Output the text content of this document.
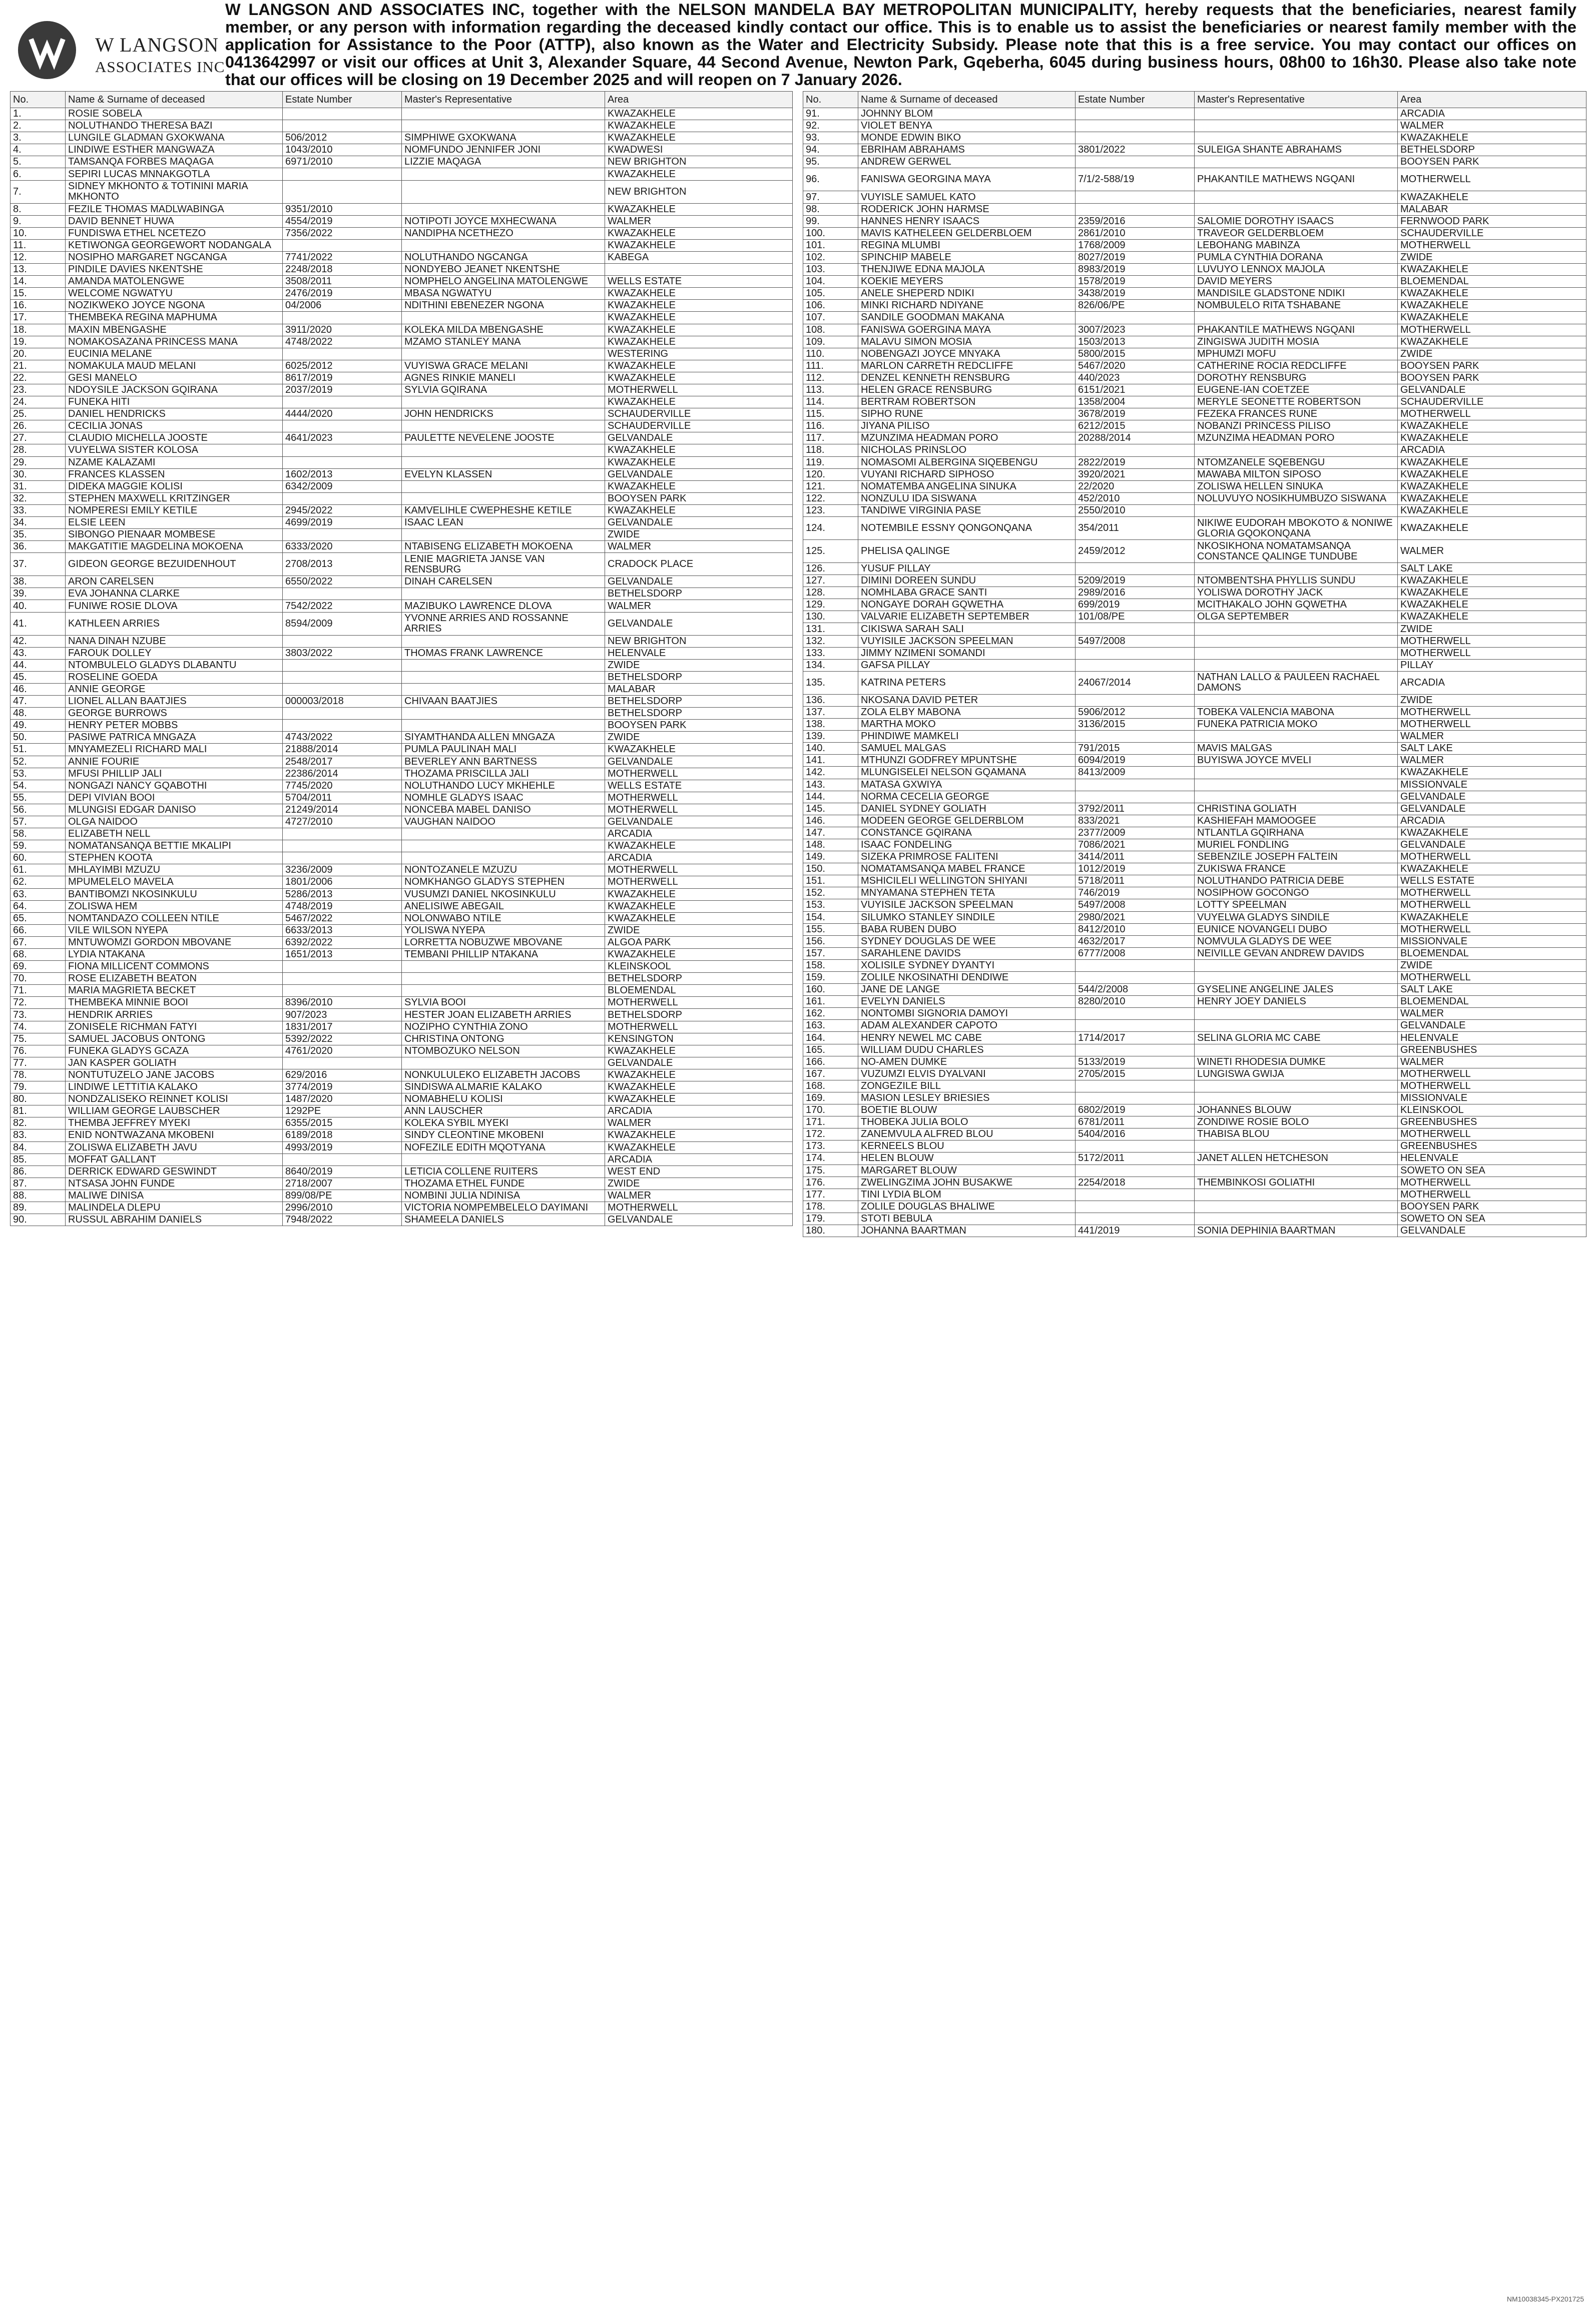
W LANGSON
ASSOCIATES INC
W LANGSON AND ASSOCIATES INC, together with the NELSON MANDELA BAY METROPOLITAN MUNICIPALITY, hereby requests that the beneficiaries, nearest family member, or any person with information regarding the deceased kindly contact our office. This is to enable us to assist the beneficiaries or nearest family member with the application for Assistance to the Poor (ATTP), also known as the Water and Electricity Subsidy. Please note that this is a free service. You may contact our offices on 0413642997 or visit our offices at Unit 3, Alexander Square, 44 Second Avenue, Newton Park, Gqeberha, 6045 during business hours, 08h00 to 16h30. Please also take note that our offices will be closing on 19 December 2025 and will reopen on 7 January 2026.
No.	Name & Surname of deceased	Estate Number	Master's Representative	Area
1.	ROSIE SOBELA			KWAZAKHELE
2.	NOLUTHANDO THERESA BAZI			KWAZAKHELE
3.	LUNGILE GLADMAN GXOKWANA	506/2012	SIMPHIWE GXOKWANA	KWAZAKHELE
4.	LINDIWE ESTHER MANGWAZA	1043/2010	NOMFUNDO JENNIFER JONI	KWADWESI
5.	TAMSANQA FORBES MAQAGA	6971/2010	LIZZIE MAQAGA	NEW BRIGHTON
6.	SEPIRI LUCAS MNNAKGOTLA			KWAZAKHELE
7.	SIDNEY MKHONTO & TOTININI MARIA MKHONTO			NEW BRIGHTON
8.	FEZILE THOMAS MADLWABINGA	9351/2010		KWAZAKHELE
9.	DAVID BENNET HUWA	4554/2019	NOTIPOTI JOYCE MXHECWANA	WALMER
10.	FUNDISWA ETHEL NCETEZO	7356/2022	NANDIPHA NCETHEZO	KWAZAKHELE
11.	KETIWONGA GEORGEWORT NODANGALA			KWAZAKHELE
12.	NOSIPHO MARGARET NGCANGA	7741/2022	NOLUTHANDO NGCANGA	KABEGA
13.	PINDILE DAVIES NKENTSHE	2248/2018	NONDYEBO JEANET NKENTSHE	
14.	AMANDA MATOLENGWE	3508/2011	NOMPHELO ANGELINA MATOLENGWE	WELLS ESTATE
15.	WELCOME NGWATYU	2476/2019	MBASA NGWATYU	KWAZAKHELE
16.	NOZIKWEKO JOYCE NGONA	04/2006	NDITHINI EBENEZER NGONA	KWAZAKHELE
17.	THEMBEKA REGINA MAPHUMA			KWAZAKHELE
18.	MAXIN MBENGASHE	3911/2020	KOLEKA MILDA MBENGASHE	KWAZAKHELE
19.	NOMAKOSAZANA PRINCESS MANA	4748/2022	MZAMO STANLEY MANA	KWAZAKHELE
20.	EUCINIA MELANE			WESTERING
21.	NOMAKULA MAUD MELANI	6025/2012	VUYISWA GRACE MELANI	KWAZAKHELE
22.	GESI MANELO	8617/2019	AGNES RINKIE MANELI	KWAZAKHELE
23.	NDOYSILE JACKSON GQIRANA	2037/2019	SYLVIA GQIRANA	MOTHERWELL
24.	FUNEKA HITI			KWAZAKHELE
25.	DANIEL HENDRICKS	4444/2020	JOHN HENDRICKS	SCHAUDERVILLE
26.	CECILIA JONAS			SCHAUDERVILLE
27.	CLAUDIO MICHELLA JOOSTE	4641/2023	PAULETTE NEVELENE JOOSTE	GELVANDALE
28.	VUYELWA SISTER KOLOSA			KWAZAKHELE
29.	NZAME KALAZAMI			KWAZAKHELE
30.	FRANCES KLASSEN	1602/2013	EVELYN KLASSEN	GELVANDALE
31.	DIDEKA MAGGIE KOLISI	6342/2009		KWAZAKHELE
32.	STEPHEN MAXWELL KRITZINGER			BOOYSEN PARK
33.	NOMPERESI EMILY KETILE	2945/2022	KAMVELIHLE CWEPHESHE KETILE	KWAZAKHELE
34.	ELSIE LEEN	4699/2019	ISAAC LEAN	GELVANDALE
35.	SIBONGO PIENAAR MOMBESE			ZWIDE
36.	MAKGATITIE MAGDELINA MOKOENA	6333/2020	NTABISENG ELIZABETH MOKOENA	WALMER
37.	GIDEON GEORGE BEZUIDENHOUT	2708/2013	LENIE MAGRIETA JANSE VAN RENSBURG	CRADOCK PLACE
38.	ARON CARELSEN	6550/2022	DINAH CARELSEN	GELVANDALE
39.	EVA JOHANNA CLARKE			BETHELSDORP
40.	FUNIWE ROSIE DLOVA	7542/2022	MAZIBUKO LAWRENCE DLOVA	WALMER
41.	KATHLEEN ARRIES	8594/2009	YVONNE ARRIES AND ROSSANNE ARRIES	GELVANDALE
42.	NANA DINAH NZUBE			NEW BRIGHTON
43.	FAROUK DOLLEY	3803/2022	THOMAS FRANK LAWRENCE	HELENVALE
44.	NTOMBULELO GLADYS DLABANTU			ZWIDE
45.	ROSELINE GOEDA			BETHELSDORP
46.	ANNIE GEORGE			MALABAR
47.	LIONEL ALLAN BAATJIES	000003/2018	CHIVAAN BAATJIES	BETHELSDORP
48.	GEORGE BURROWS			BETHELSDORP
49.	HENRY PETER MOBBS			BOOYSEN PARK
50.	PASIWE PATRICA MNGAZA	4743/2022	SIYAMTHANDA ALLEN MNGAZA	ZWIDE
51.	MNYAMEZELI RICHARD MALI	21888/2014	PUMLA PAULINAH MALI	KWAZAKHELE
52.	ANNIE FOURIE	2548/2017	BEVERLEY ANN BARTNESS	GELVANDALE
53.	MFUSI PHILLIP JALI	22386/2014	THOZAMA PRISCILLA JALI	MOTHERWELL
54.	NONGAZI NANCY GQABOTHI	7745/2020	NOLUTHANDO LUCY MKHEHLE	WELLS ESTATE
55.	DEPI VIVIAN BOOI	5704/2011	NOMHLE GLADYS ISAAC	MOTHERWELL
56.	MLUNGISI EDGAR DANISO	21249/2014	NONCEBA MABEL DANISO	MOTHERWELL
57.	OLGA NAIDOO	4727/2010	VAUGHAN NAIDOO	GELVANDALE
58.	ELIZABETH NELL			ARCADIA
59.	NOMATANSANQA BETTIE MKALIPI			KWAZAKHELE
60.	STEPHEN KOOTA			ARCADIA
61.	MHLAYIMBI MZUZU	3236/2009	NONTOZANELE MZUZU	MOTHERWELL
62.	MPUMELELO MAVELA	1801/2006	NOMKHANGO GLADYS STEPHEN	MOTHERWELL
63.	BANTIBOMZI NKOSINKULU	5286/2013	VUSUMZI DANIEL NKOSINKULU	KWAZAKHELE
64.	ZOLISWA HEM	4748/2019	ANELISIWE ABEGAIL	KWAZAKHELE
65.	NOMTANDAZO COLLEEN NTILE	5467/2022	NOLONWABO NTILE	KWAZAKHELE
66.	VILE WILSON NYEPA	6633/2013	YOLISWA NYEPA	ZWIDE
67.	MNTUWOMZI GORDON MBOVANE	6392/2022	LORRETTA NOBUZWE MBOVANE	ALGOA PARK
68.	LYDIA NTAKANA	1651/2013	TEMBANI PHILLIP NTAKANA	KWAZAKHELE
69.	FIONA MILLICENT COMMONS			KLEINSKOOL
70.	ROSE ELIZABETH BEATON			BETHELSDORP
71.	MARIA MAGRIETA BECKET			BLOEMENDAL
72.	THEMBEKA MINNIE BOOI	8396/2010	SYLVIA BOOI	MOTHERWELL
73.	HENDRIK ARRIES	907/2023	HESTER JOAN ELIZABETH ARRIES	BETHELSDORP
74.	ZONISELE RICHMAN FATYI	1831/2017	NOZIPHO CYNTHIA ZONO	MOTHERWELL
75.	SAMUEL JACOBUS ONTONG	5392/2022	CHRISTINA ONTONG	KENSINGTON
76.	FUNEKA GLADYS GCAZA	4761/2020	NTOMBOZUKO NELSON	KWAZAKHELE
77.	JAN KASPER GOLIATH			GELVANDALE
78.	NONTUTUZELO JANE JACOBS	629/2016	NONKULULEKO ELIZABETH JACOBS	KWAZAKHELE
79.	LINDIWE LETTITIA KALAKO	3774/2019	SINDISWA ALMARIE KALAKO	KWAZAKHELE
80.	NONDZALISEKO REINNET KOLISI	1487/2020	NOMABHELU KOLISI	KWAZAKHELE
81.	WILLIAM GEORGE LAUBSCHER	1292PE	ANN LAUSCHER	ARCADIA
82.	THEMBA JEFFREY MYEKI	6355/2015	KOLEKA SYBIL MYEKI	WALMER
83.	ENID NONTWAZANA MKOBENI	6189/2018	SINDY CLEONTINE MKOBENI	KWAZAKHELE
84.	ZOLISWA ELIZABETH JAVU	4993/2019	NOFEZILE EDITH MQOTYANA	KWAZAKHELE
85.	MOFFAT GALLANT			ARCADIA
86.	DERRICK EDWARD GESWINDT	8640/2019	LETICIA COLLENE RUITERS	WEST END
87.	NTSASA JOHN FUNDE	2718/2007	THOZAMA ETHEL FUNDE	ZWIDE
88.	MALIWE DINISA	899/08/PE	NOMBINI JULIA NDINISA	WALMER
89.	MALINDELA DLEPU	2996/2010	VICTORIA NOMPEMBELELO DAYIMANI	MOTHERWELL
90.	RUSSUL ABRAHIM DANIELS	7948/2022	SHAMEELA DANIELS	GELVANDALE
No.	Name & Surname of deceased	Estate Number	Master's Representative	Area
91.	JOHNNY BLOM			ARCADIA
92.	VIOLET BENYA			WALMER
93.	MONDE EDWIN BIKO			KWAZAKHELE
94.	EBRIHAM ABRAHAMS	3801/2022	SULEIGA SHANTE ABRAHAMS	BETHELSDORP
95.	ANDREW GERWEL			BOOYSEN PARK
96.	FANISWA GEORGINA MAYA	7/1/2-588/19	PHAKANTILE MATHEWS NGQANI	MOTHERWELL
97.	VUYISLE SAMUEL KATO			KWAZAKHELE
98.	RODERICK JOHN HARMSE			MALABAR
99.	HANNES HENRY ISAACS	2359/2016	SALOMIE DOROTHY ISAACS	FERNWOOD PARK
100.	MAVIS KATHELEEN GELDERBLOEM	2861/2010	TRAVEOR GELDERBLOEM	SCHAUDERVILLE
101.	REGINA MLUMBI	1768/2009	LEBOHANG MABINZA	MOTHERWELL
102.	SPINCHIP MABELE	8027/2019	PUMLA CYNTHIA DORANA	ZWIDE
103.	THENJIWE EDNA MAJOLA	8983/2019	LUVUYO LENNOX MAJOLA	KWAZAKHELE
104.	KOEKIE MEYERS	1578/2019	DAVID MEYERS	BLOEMENDAL
105.	ANELE SHEPERD NDIKI	3438/2019	MANDISILE GLADSTONE NDIKI	KWAZAKHELE
106.	MINKI RICHARD NDIYANE	826/06/PE	NOMBULELO RITA TSHABANE	KWAZAKHELE
107.	SANDILE GOODMAN MAKANA			KWAZAKHELE
108.	FANISWA GOERGINA MAYA	3007/2023	PHAKANTILE MATHEWS NGQANI	MOTHERWELL
109.	MALAVU SIMON MOSIA	1503/2013	ZINGISWA JUDITH MOSIA	KWAZAKHELE
110.	NOBENGAZI JOYCE MNYAKA	5800/2015	MPHUMZI MOFU	ZWIDE
111.	MARLON CARRETH REDCLIFFE	5467/2020	CATHERINE ROCIA REDCLIFFE	BOOYSEN PARK
112.	DENZEL KENNETH RENSBURG	440/2023	DOROTHY RENSBURG	BOOYSEN PARK
113.	HELEN GRACE RENSBURG	6151/2021	EUGENE-IAN COETZEE	GELVANDALE
114.	BERTRAM ROBERTSON	1358/2004	MERYLE SEONETTE ROBERTSON	SCHAUDERVILLE
115.	SIPHO RUNE	3678/2019	FEZEKA FRANCES RUNE	MOTHERWELL
116.	JIYANA PILISO	6212/2015	NOBANZI PRINCESS PILISO	KWAZAKHELE
117.	MZUNZIMA HEADMAN PORO	20288/2014	MZUNZIMA HEADMAN PORO	KWAZAKHELE
118.	NICHOLAS PRINSLOO			ARCADIA
119.	NOMASOMI ALBERGINA SIQEBENGU	2822/2019	NTOMZANELE SQEBENGU	KWAZAKHELE
120.	VUYANI RICHARD SIPHOSO	3920/2021	MAWABA MILTON SIPOSO	KWAZAKHELE
121.	NOMATEMBA ANGELINA SINUKA	22/2020	ZOLISWA HELLEN SINUKA	KWAZAKHELE
122.	NONZULU IDA SISWANA	452/2010	NOLUVUYO NOSIKHUMBUZO SISWANA	KWAZAKHELE
123.	TANDIWE VIRGINIA PASE	2550/2010		KWAZAKHELE
124.	NOTEMBILE ESSNY QONGONQANA	354/2011	NIKIWE EUDORAH MBOKOTO & NONIWE GLORIA GQOKONQANA	KWAZAKHELE
125.	PHELISA QALINGE	2459/2012	NKOSIKHONA NOMATAMSANQA CONSTANCE QALINGE TUNDUBE	WALMER
126.	YUSUF PILLAY			SALT LAKE
127.	DIMINI DOREEN SUNDU	5209/2019	NTOMBENTSHA PHYLLIS SUNDU	KWAZAKHELE
128.	NOMHLABA GRACE SANTI	2989/2016	YOLISWA DOROTHY JACK	KWAZAKHELE
129.	NONGAYE DORAH GQWETHA	699/2019	MCITHAKALO JOHN GQWETHA	KWAZAKHELE
130.	VALVARIE ELIZABETH SEPTEMBER	101/08/PE	OLGA SEPTEMBER	KWAZAKHELE
131.	CIKISWA SARAH SALI			ZWIDE
132.	VUYISILE JACKSON SPEELMAN	5497/2008		MOTHERWELL
133.	JIMMY NZIMENI SOMANDI			MOTHERWELL
134.	GAFSA PILLAY			PILLAY
135.	KATRINA PETERS	24067/2014	NATHAN LALLO & PAULEEN RACHAEL DAMONS	ARCADIA
136.	NKOSANA DAVID PETER			ZWIDE
137.	ZOLA ELBY MABONA	5906/2012	TOBEKA VALENCIA MABONA	MOTHERWELL
138.	MARTHA MOKO	3136/2015	FUNEKA PATRICIA MOKO	MOTHERWELL
139.	PHINDIWE MAMKELI			WALMER
140.	SAMUEL MALGAS	791/2015	MAVIS MALGAS	SALT LAKE
141.	MTHUNZI GODFREY MPUNTSHE	6094/2019	BUYISWA JOYCE MVELI	WALMER
142.	MLUNGISELEI NELSON GQAMANA	8413/2009		KWAZAKHELE
143.	MATASA GXWIYA			MISSIONVALE
144.	NORMA CECELIA GEORGE			GELVANDALE
145.	DANIEL SYDNEY GOLIATH	3792/2011	CHRISTINA GOLIATH	GELVANDALE
146.	MODEEN GEORGE GELDERBLOM	833/2021	KASHIEFAH MAMOOGEE	ARCADIA
147.	CONSTANCE GQIRANA	2377/2009	NTLANTLA GQIRHANA	KWAZAKHELE
148.	ISAAC FONDELING	7086/2021	MURIEL FONDLING	GELVANDALE
149.	SIZEKA PRIMROSE FALITENI	3414/2011	SEBENZILE JOSEPH FALTEIN	MOTHERWELL
150.	NOMATAMSANQA MABEL FRANCE	1012/2019	ZUKISWA FRANCE	KWAZAKHELE
151.	MSHICILELI WELLINGTON SHIYANI	5718/2011	NOLUTHANDO PATRICIA DEBE	WELLS ESTATE
152.	MNYAMANA STEPHEN TETA	746/2019	NOSIPHOW GOCONGO	MOTHERWELL
153.	VUYISILE JACKSON SPEELMAN	5497/2008	LOTTY SPEELMAN	MOTHERWELL
154.	SILUMKO STANLEY SINDILE	2980/2021	VUYELWA GLADYS SINDILE	KWAZAKHELE
155.	BABA RUBEN DUBO	8412/2010	EUNICE NOVANGELI DUBO	MOTHERWELL
156.	SYDNEY DOUGLAS DE WEE	4632/2017	NOMVULA GLADYS DE WEE	MISSIONVALE
157.	SARAHLENE DAVIDS	6777/2008	NEIVILLE GEVAN ANDREW DAVIDS	BLOEMENDAL
158.	XOLISILE SYDNEY DYANTYI			ZWIDE
159.	ZOLILE NKOSINATHI DENDIWE			MOTHERWELL
160.	JANE DE LANGE	544/2/2008	GYSELINE ANGELINE JALES	SALT LAKE
161.	EVELYN DANIELS	8280/2010	HENRY JOEY DANIELS	BLOEMENDAL
162.	NONTOMBI SIGNORIA DAMOYI			WALMER
163.	ADAM ALEXANDER CAPOTO			GELVANDALE
164.	HENRY NEWEL MC CABE	1714/2017	SELINA GLORIA MC CABE	HELENVALE
165.	WILLIAM DUDU CHARLES			GREENBUSHES
166.	NO-AMEN DUMKE	5133/2019	WINETI RHODESIA DUMKE	WALMER
167.	VUZUMZI ELVIS DYALVANI	2705/2015	LUNGISWA GWIJA	MOTHERWELL
168.	ZONGEZILE BILL			MOTHERWELL
169.	MASION LESLEY BRIESIES			MISSIONVALE
170.	BOETIE BLOUW	6802/2019	JOHANNES BLOUW	KLEINSKOOL
171.	THOBEKA JULIA BOLO	6781/2011	ZONDIWE ROSIE BOLO	GREENBUSHES
172.	ZANEMVULA ALFRED BLOU	5404/2016	THABISA BLOU	MOTHERWELL
173.	KERNEELS BLOU			GREENBUSHES
174.	HELEN BLOUW	5172/2011	JANET ALLEN HETCHESON	HELENVALE
175.	MARGARET BLOUW			SOWETO ON SEA
176.	ZWELINGZIMA JOHN BUSAKWE	2254/2018	THEMBINKOSI GOLIATHI	MOTHERWELL
177.	TINI LYDIA BLOM			MOTHERWELL
178.	ZOLILE DOUGLAS BHALIWE			BOOYSEN PARK
179.	STOTI BEBULA			SOWETO ON SEA
180.	JOHANNA BAARTMAN	441/2019	SONIA DEPHINIA BAARTMAN	GELVANDALE
NM10038345-PX201725
